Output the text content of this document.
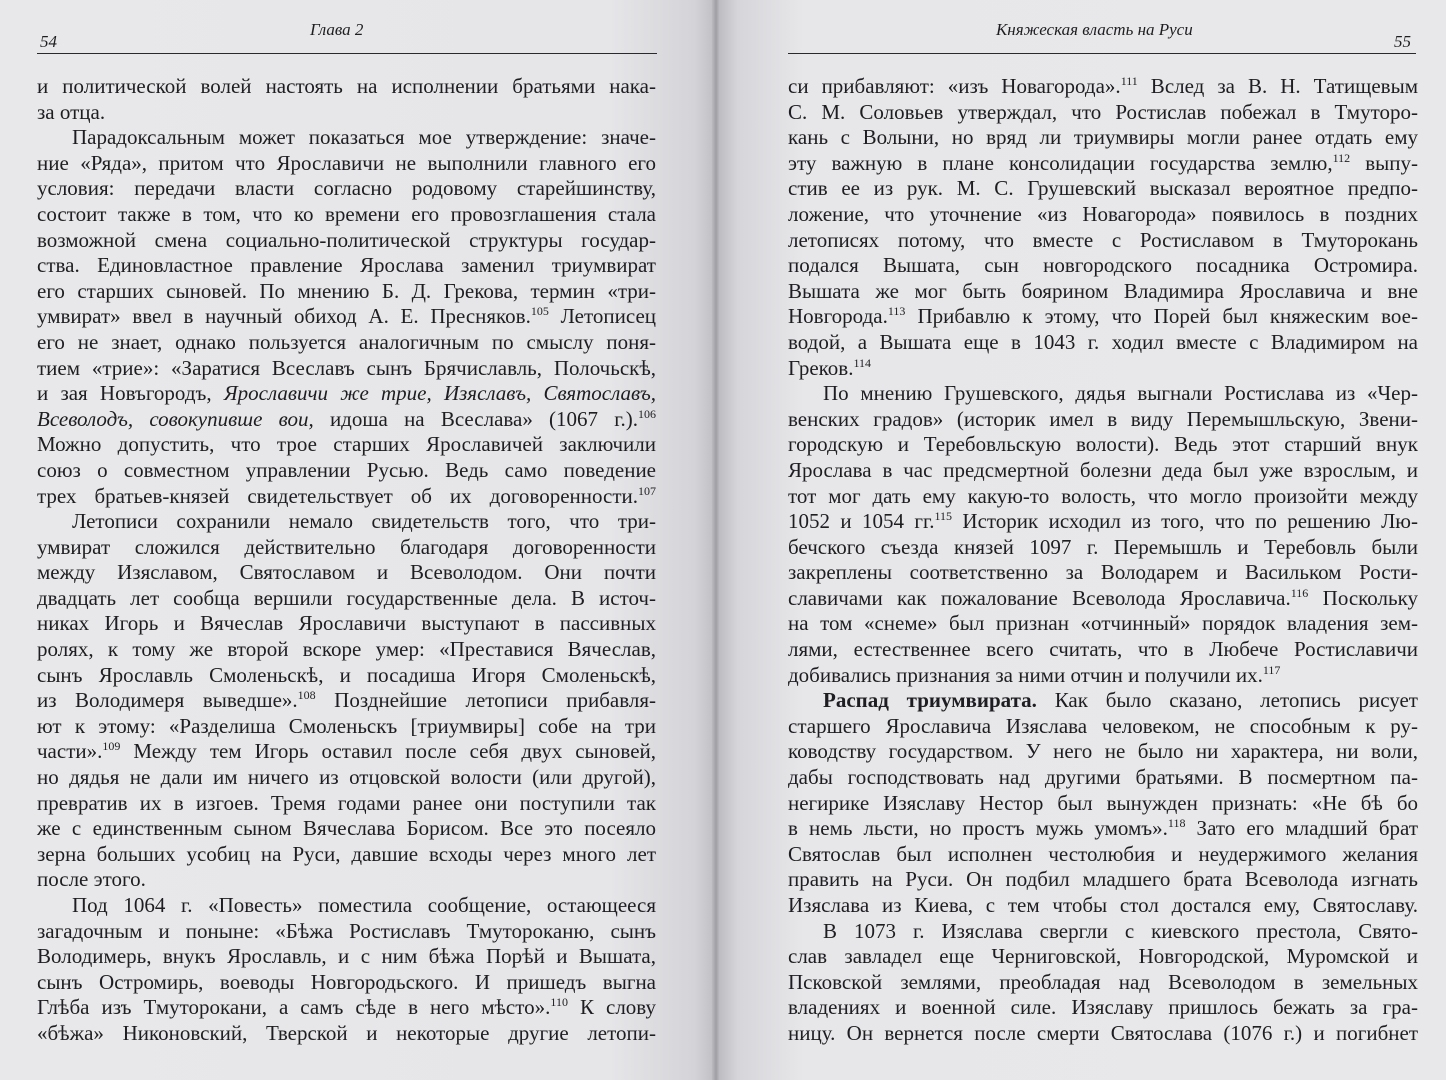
54
Глава 2
и политической волей настоять на исполнении братьями нака-
за отца.
Парадоксальным может показаться мое утверждение: значе-
ние «Ряда», притом что Ярославичи не выполнили главного его
условия: передачи власти согласно родовому старейшинству,
состоит также в том, что ко времени его провозглашения стала
возможной смена социально-политической структуры государ-
ства. Единовластное правление Ярослава заменил триумвират
его старших сыновей. По мнению Б. Д. Грекова, термин «три-
умвират» ввел в научный обиход А. Е. Пресняков.$^{105}$ Летописец
его не знает, однако пользуется аналогичным по смыслу поня-
тием «трие»: «Заратися Всеславъ сынъ Брячиславль, Полочьскѣ,
и зая Новъгородъ, Ярославичи же трие, Изяславъ, Святославъ,
Всеволодъ, совокупивше вои, идоша на Всеслава» (1067 г.).$^{106}$
Можно допустить, что трое старших Ярославичей заключили
союз о совместном управлении Русью. Ведь само поведение
трех братьев-князей свидетельствует об их договоренности.$^{107}$
Летописи сохранили немало свидетельств того, что три-
умвират сложился действительно благодаря договоренности
между Изяславом, Святославом и Всеволодом. Они почти
двадцать лет сообща вершили государственные дела. В источ-
никах Игорь и Вячеслав Ярославичи выступают в пассивных
ролях, к тому же второй вскоре умер: «Преставися Вячеслав,
сынъ Ярославль Смоленьскѣ, и посадиша Игоря Смоленьскѣ,
из Володимеря выведше».$^{108}$ Позднейшие летописи прибавля-
ют к этому: «Разделиша Смоленьскъ [триумвиры] собе на три
части».$^{109}$ Между тем Игорь оставил после себя двух сыновей,
но дядья не дали им ничего из отцовской волости (или другой),
превратив их в изгоев. Тремя годами ранее они поступили так
же с единственным сыном Вячеслава Борисом. Все это посеяло
зерна больших усобиц на Руси, давшие всходы через много лет
после этого.
Под 1064 г. «Повесть» поместила сообщение, остающееся
загадочным и поныне: «Бѣжа Ростиславъ Тмутороканю, сынъ
Володимерь, внукъ Ярославль, и с ним бѣжа Порѣй и Вышата,
сынъ Остромирь, воеводы Новгородьского. И пришедъ выгна
Глѣба изъ Тмуторокани, а самъ сѣде в него мѣсто».$^{110}$ К слову
«бѣжа» Никоновский, Тверской и некоторые другие летопи-
Княжеская власть на Руси
55
си прибавляют: «изъ Новагорода».$^{111}$ Вслед за В. Н. Татищевым
С. М. Соловьев утверждал, что Ростислав побежал в Тмуторо-
кань с Волыни, но вряд ли триумвиры могли ранее отдать ему
эту важную в плане консолидации государства землю,$^{112}$ выпу-
стив ее из рук. М. С. Грушевский высказал вероятное предпо-
ложение, что уточнение «из Новагорода» появилось в поздних
летописях потому, что вместе с Ростиславом в Тмуторокань
подался Вышата, сын новгородского посадника Остромира.
Вышата же мог быть боярином Владимира Ярославича и вне
Новгорода.$^{113}$ Прибавлю к этому, что Порей был княжеским вое-
водой, а Вышата еще в 1043 г. ходил вместе с Владимиром на
Греков.$^{114}$
По мнению Грушевского, дядья выгнали Ростислава из «Чер-
венских градов» (историк имел в виду Перемышльскую, Звени-
городскую и Теребовльскую волости). Ведь этот старший внук
Ярослава в час предсмертной болезни деда был уже взрослым, и
тот мог дать ему какую-то волость, что могло произойти между
1052 и 1054 гг.$^{115}$ Историк исходил из того, что по решению Лю-
бечского съезда князей 1097 г. Перемышль и Теребовль были
закреплены соответственно за Володарем и Васильком Рости-
славичами как пожалование Всеволода Ярославича.$^{116}$ Поскольку
на том «снеме» был признан «отчинный» порядок владения зем-
лями, естественнее всего считать, что в Любече Ростиславичи
добивались признания за ними отчин и получили их.$^{117}$
Распад триумвирата. Как было сказано, летопись рисует
старшего Ярославича Изяслава человеком, не способным к ру-
ководству государством. У него не было ни характера, ни воли,
дабы господствовать над другими братьями. В посмертном па-
негирике Изяславу Нестор был вынужден признать: «Не бѣ бо
в немь льсти, но простъ мужь умомъ».$^{118}$ Зато его младший брат
Святослав был исполнен честолюбия и неудержимого желания
править на Руси. Он подбил младшего брата Всеволода изгнать
Изяслава из Киева, с тем чтобы стол достался ему, Святославу.
В 1073 г. Изяслава свергли с киевского престола, Свято-
слав завладел еще Черниговской, Новгородской, Муромской и
Псковской землями, преобладая над Всеволодом в земельных
владениях и военной силе. Изяславу пришлось бежать за гра-
ницу. Он вернется после смерти Святослава (1076 г.) и погибнет
